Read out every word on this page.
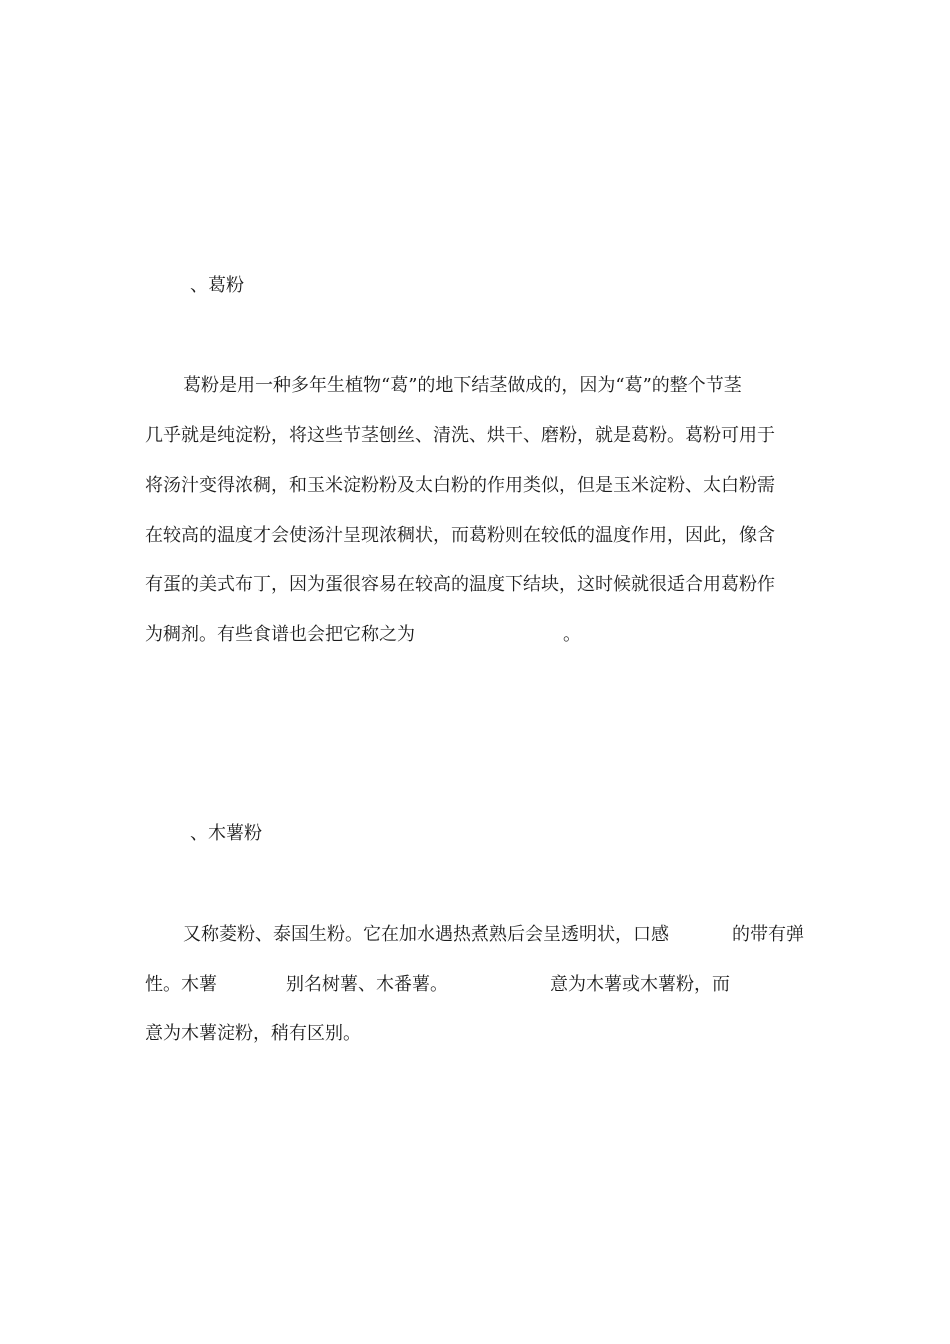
、葛粉
葛粉是用一种多年生植物“葛”的地下结茎做成的，因为“葛”的整个节茎
几乎就是纯淀粉，将这些节茎刨丝、清洗、烘干、磨粉，就是葛粉。葛粉可用于
将汤汁变得浓稠，和玉米淀粉粉及太白粉的作用类似，但是玉米淀粉、太白粉需
在较高的温度才会使汤汁呈现浓稠状，而葛粉则在较低的温度作用，因此，像含
有蛋的美式布丁，因为蛋很容易在较高的温度下结块，这时候就很适合用葛粉作
为稠剂。有些食谱也会把它称之为	。
、木薯粉
又称菱粉、泰国生粉。它在加水遇热煮熟后会呈透明状，口感	的带有弹
性。木薯	别名树薯、木番薯。	意为木薯或木薯粉，而
意为木薯淀粉，稍有区别。
